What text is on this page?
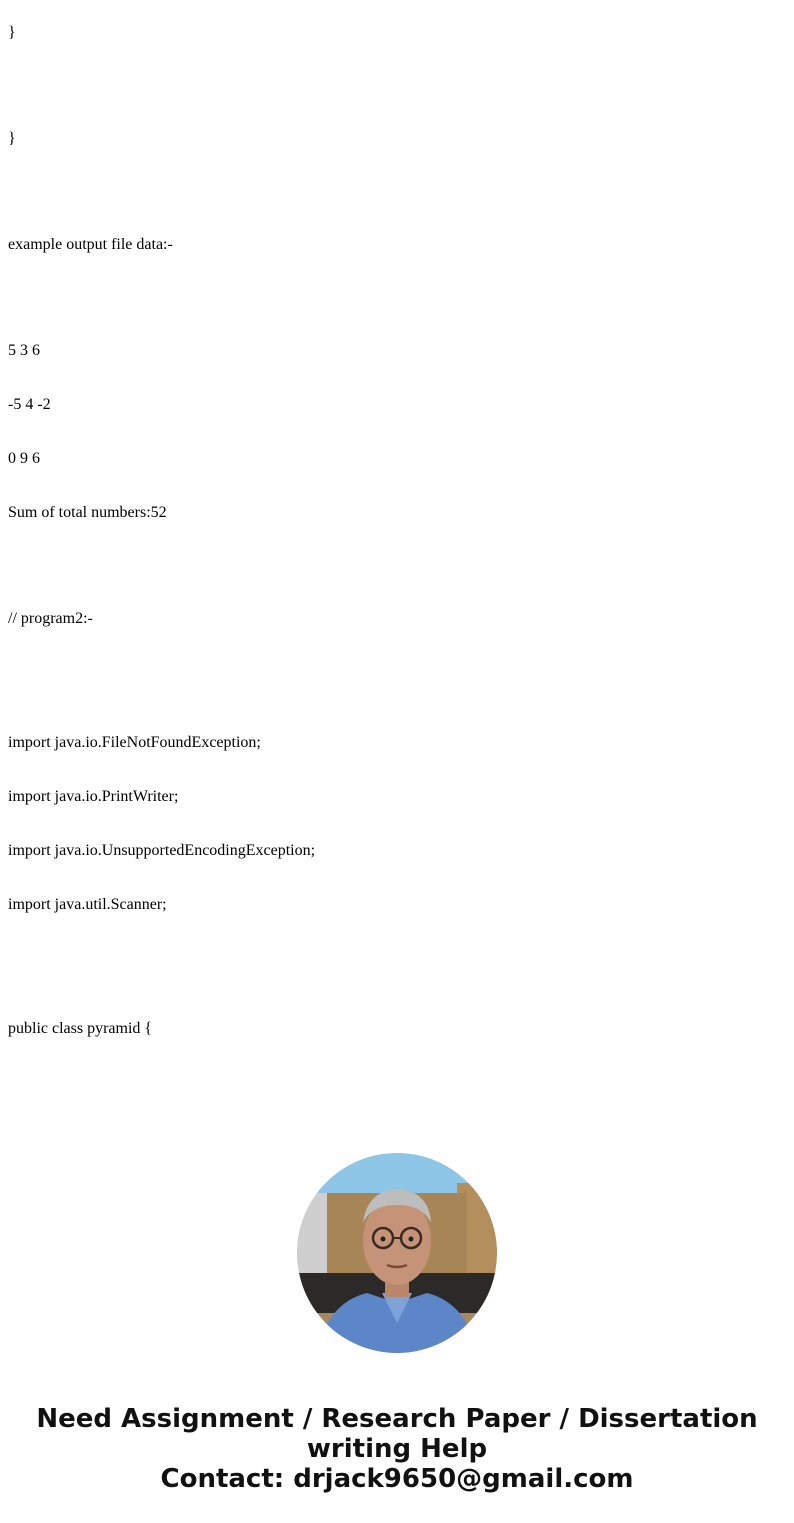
}

}

example output file data:-

5 3 6

-5 4 -2

0 9 6

Sum of total numbers:52

// program2:-

import java.io.FileNotFoundException;

import java.io.PrintWriter;

import java.io.UnsupportedEncodingException;

import java.util.Scanner;

public class pyramid {

Need Assignment / Research Paper / Dissertation
writing Help
Contact: drjack9650@gmail.com
